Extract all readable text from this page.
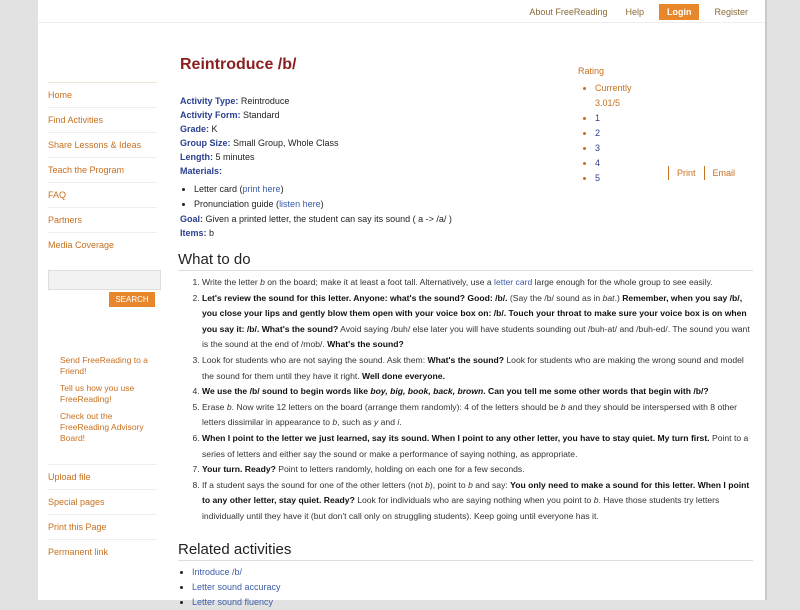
About FreeReading	Help	Login	Register
Home
Find Activities
Share Lessons & Ideas
Teach the Program
FAQ
Partners
Media Coverage
SEARCH
Send FreeReading to a Friend!
Tell us how you use FreeReading!
Check out the FreeReading Advisory Board!
Upload file
Special pages
Print this Page
Permanent link
Reintroduce /b/
Activity Type: Reintroduce
Activity Form: Standard
Grade: K
Group Size: Small Group, Whole Class
Length: 5 minutes
Materials:
• Letter card (print here)
• Pronunciation guide (listen here)
Goal: Given a printed letter, the student can say its sound ( a -> /a/ )
Items: b
Rating
• Currently 3.01/5
• 1
• 2
• 3
• 4
• 5	Print Email
What to do
1. Write the letter b on the board; make it at least a foot tall. Alternatively, use a letter card large enough for the whole group to see easily.
2. Let's review the sound for this letter. Anyone: what's the sound? Good: /b/. (Say the /b/ sound as in bat.) Remember, when you say /b/, you close your lips and gently blow them open with your voice box on: /b/. Touch your throat to make sure your voice box is on when you say it: /b/. What's the sound? Avoid saying /buh/ else later you will have students sounding out /buh-at/ and /buh-ed/. The sound you want is the sound at the end of /mob/. What's the sound?
3. Look for students who are not saying the sound. Ask them: What's the sound? Look for students who are making the wrong sound and model the sound for them until they have it right. Well done everyone.
4. We use the /b/ sound to begin words like boy, big, book, back, brown. Can you tell me some other words that begin with /b/?
5. Erase b. Now write 12 letters on the board (arrange them randomly): 4 of the letters should be b and they should be interspersed with 8 other letters dissimilar in appearance to b, such as y and i.
6. When I point to the letter we just learned, say its sound. When I point to any other letter, you have to stay quiet. My turn first. Point to a series of letters and either say the sound or make a performance of saying nothing, as appropriate.
7. Your turn. Ready? Point to letters randomly, holding on each one for a few seconds.
8. If a student says the sound for one of the other letters (not b), point to b and say: You only need to make a sound for this letter. When I point to any other letter, stay quiet. Ready? Look for individuals who are saying nothing when you point to b. Have those students try letters individually until they have it (but don't call only on struggling students). Keep going until everyone has it.
Related activities
• Introduce /b/
• Letter sound accuracy
• Letter sound fluency
